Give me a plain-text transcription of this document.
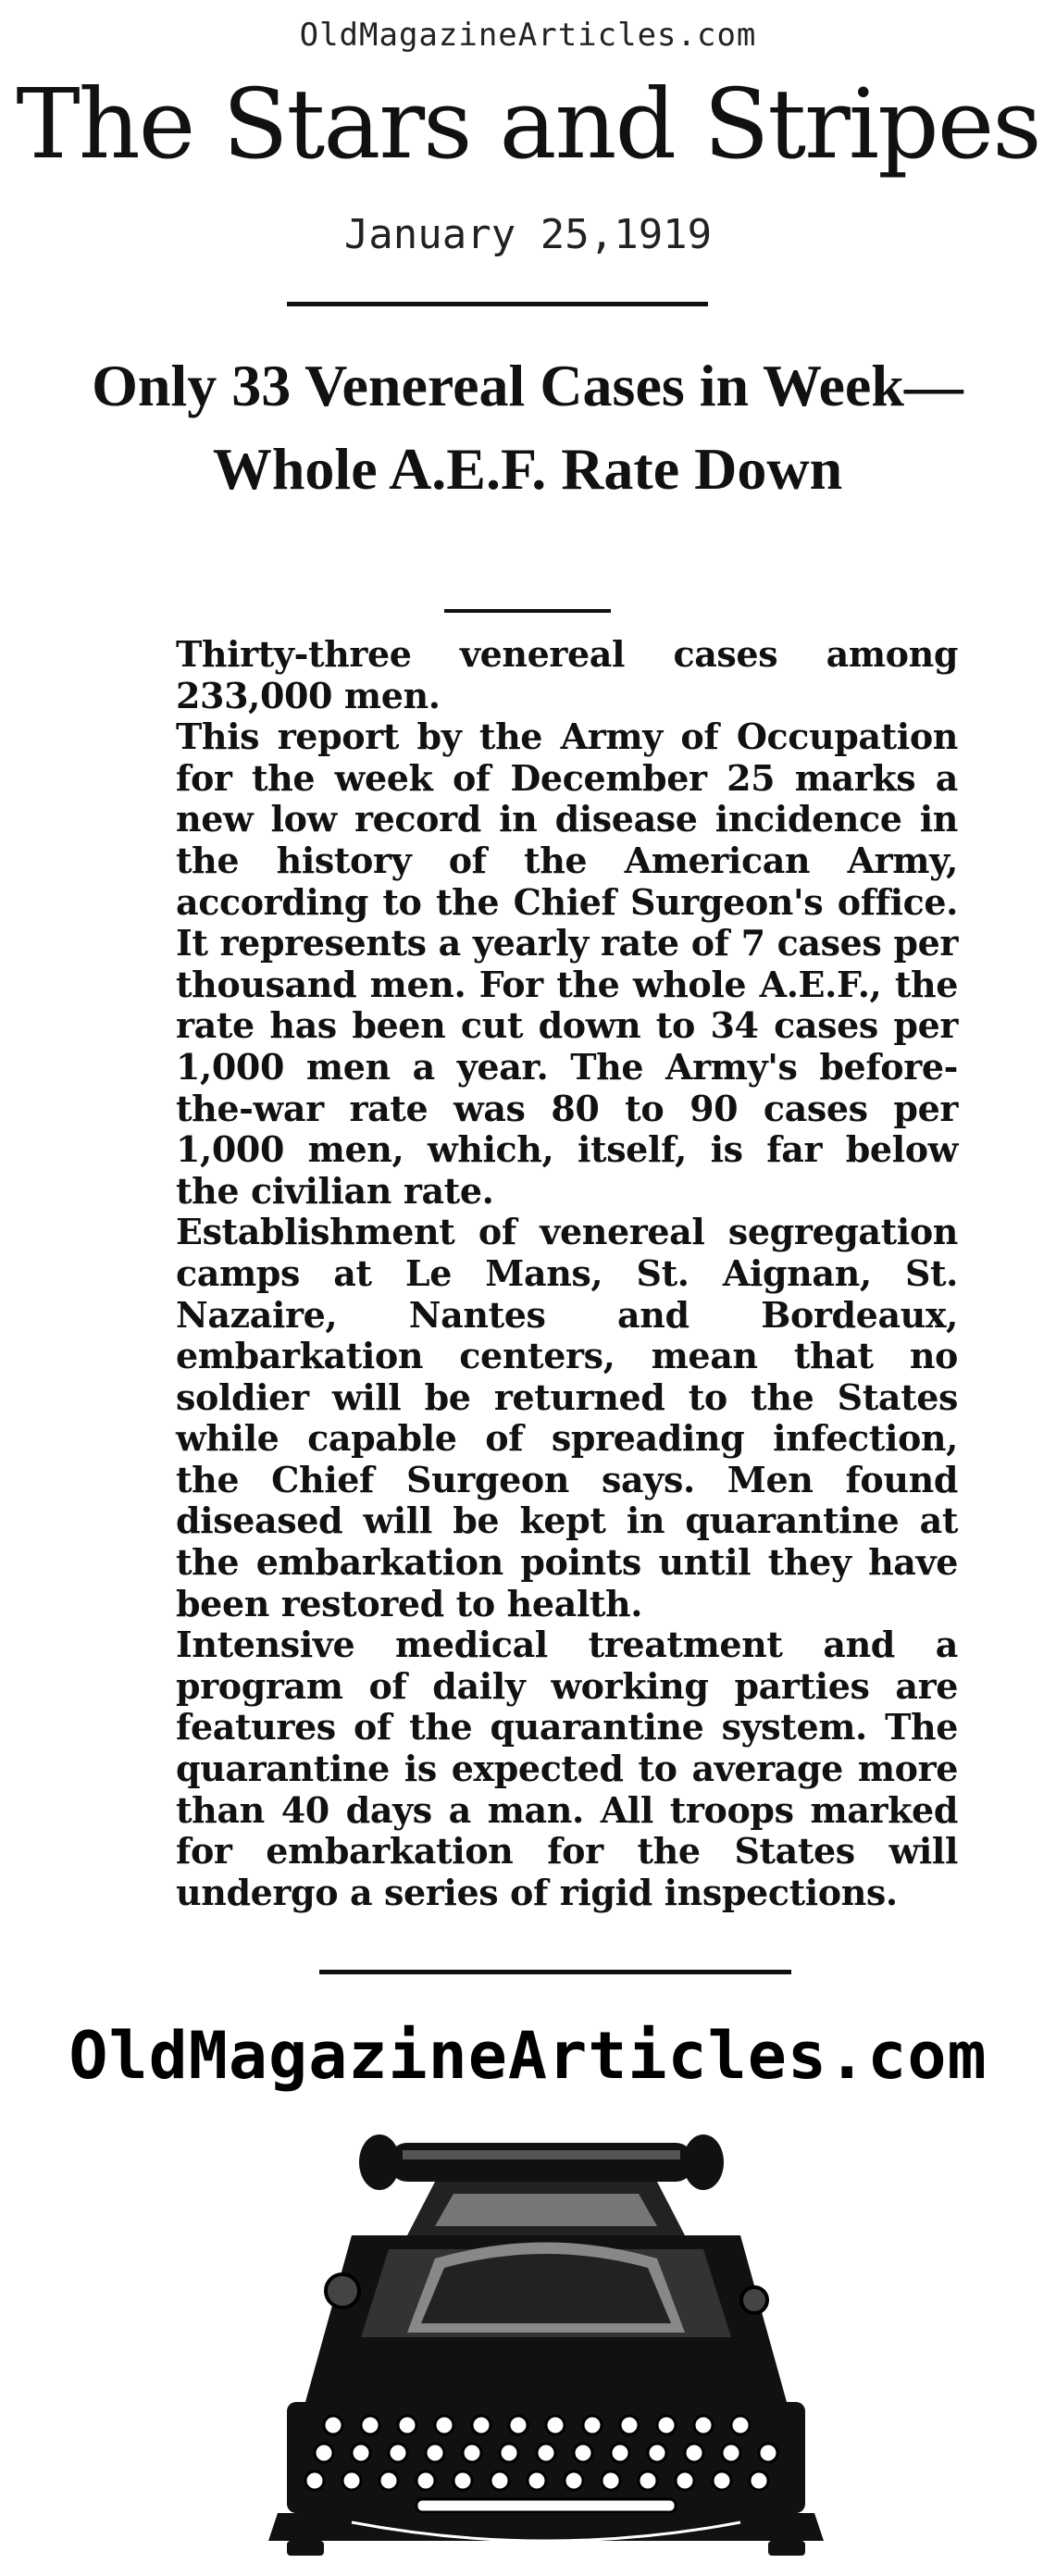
OldMagazineArticles.com
The Stars and Stripes
January 25,1919
Only 33 Venereal Cases in Week—Whole A.E.F. Rate Down

Thirty-three venereal cases among 233,000 men.

This report by the Army of Occupation for the week of December 25 marks a new low record in disease incidence in the history of the American Army, according to the Chief Surgeon's office. It represents a yearly rate of 7 cases per thousand men. For the whole A.E.F., the rate has been cut down to 34 cases per 1,000 men a year. The Army's before-the-war rate was 80 to 90 cases per 1,000 men, which, itself, is far below the civilian rate.

Establishment of venereal segregation camps at Le Mans, St. Aignan, St. Nazaire, Nantes and Bordeaux, embarkation centers, mean that no soldier will be returned to the States while capable of spreading infection, the Chief Surgeon says. Men found diseased will be kept in quarantine at the embarkation points until they have been restored to health.

Intensive medical treatment and a program of daily working parties are features of the quarantine system. The quarantine is expected to average more than 40 days a man. All troops marked for embarkation for the States will undergo a series of rigid inspections.

OldMagazineArticles.com
